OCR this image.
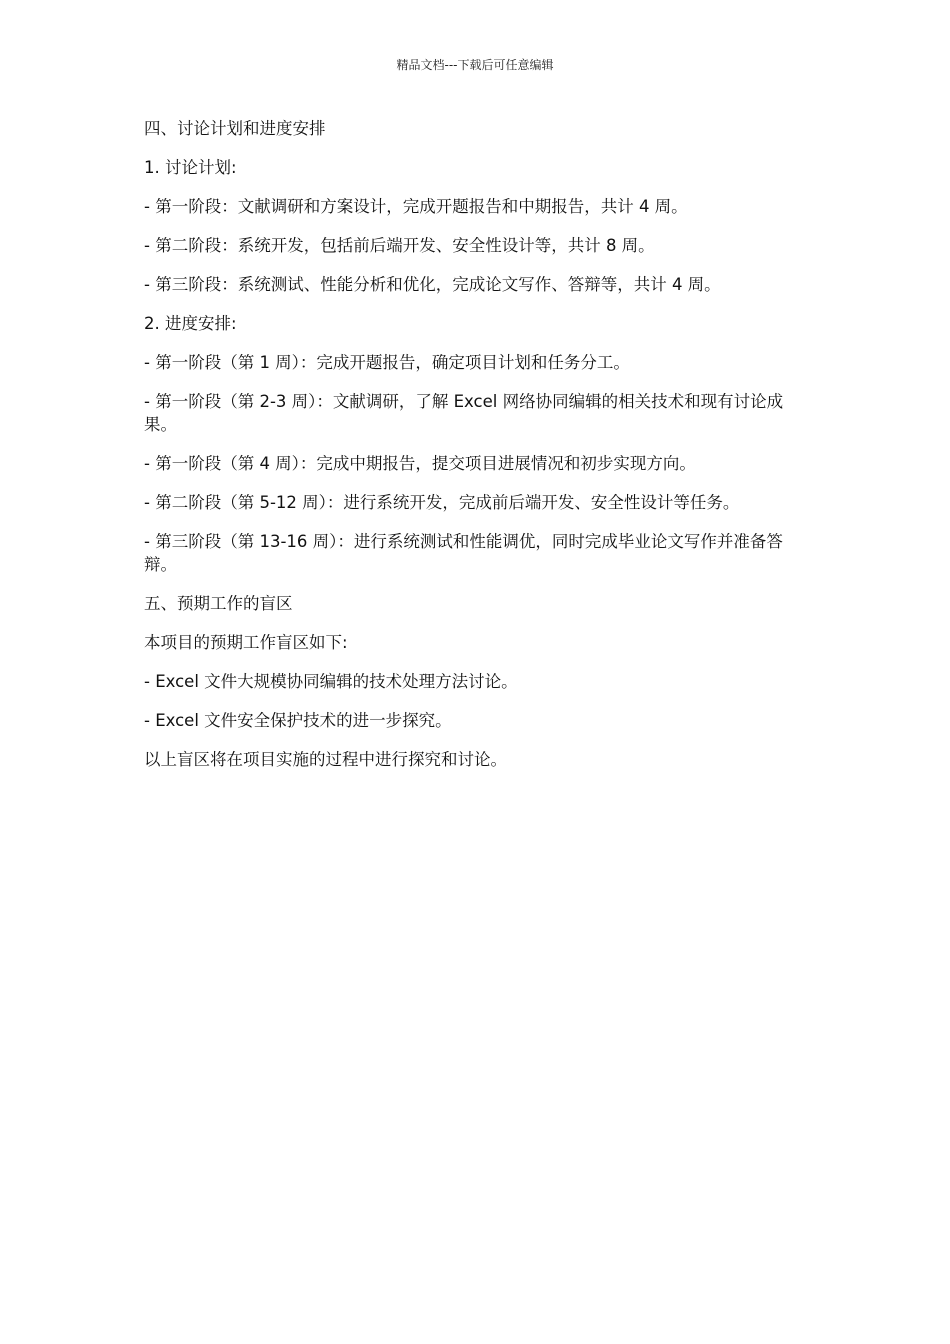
精品文档---下载后可任意编辑

四、讨论计划和进度安排

1. 讨论计划:

- 第一阶段：文献调研和方案设计，完成开题报告和中期报告，共计 4 周。

- 第二阶段：系统开发，包括前后端开发、安全性设计等，共计 8 周。

- 第三阶段：系统测试、性能分析和优化，完成论文写作、答辩等，共计 4 周。

2. 进度安排:

- 第一阶段（第 1 周）：完成开题报告，确定项目计划和任务分工。

- 第一阶段（第 2-3 周）：文献调研，了解 Excel 网络协同编辑的相关技术和现有讨论成果。

- 第一阶段（第 4 周）：完成中期报告，提交项目进展情况和初步实现方向。

- 第二阶段（第 5-12 周）：进行系统开发，完成前后端开发、安全性设计等任务。

- 第三阶段（第 13-16 周）：进行系统测试和性能调优，同时完成毕业论文写作并准备答辩。

五、预期工作的盲区

本项目的预期工作盲区如下:

- Excel 文件大规模协同编辑的技术处理方法讨论。

- Excel 文件安全保护技术的进一步探究。

以上盲区将在项目实施的过程中进行探究和讨论。
